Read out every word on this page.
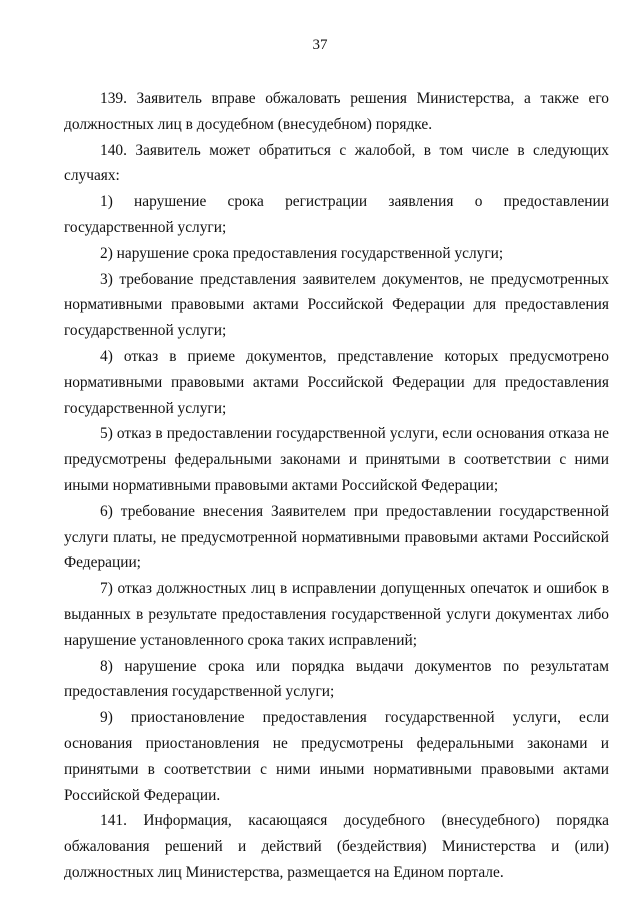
37

139. Заявитель вправе обжаловать решения Министерства, а также его должностных лиц в досудебном (внесудебном) порядке.

140. Заявитель может обратиться с жалобой, в том числе в следующих случаях:

1) нарушение срока регистрации заявления о предоставлении государственной услуги;

2) нарушение срока предоставления государственной услуги;

3) требование представления заявителем документов, не предусмотренных нормативными правовыми актами Российской Федерации для предоставления государственной услуги;

4) отказ в приеме документов, представление которых предусмотрено нормативными правовыми актами Российской Федерации для предоставления государственной услуги;

5) отказ в предоставлении государственной услуги, если основания отказа не предусмотрены федеральными законами и принятыми в соответствии с ними иными нормативными правовыми актами Российской Федерации;

6) требование внесения Заявителем при предоставлении государственной услуги платы, не предусмотренной нормативными правовыми актами Российской Федерации;

7) отказ должностных лиц в исправлении допущенных опечаток и ошибок в выданных в результате предоставления государственной услуги документах либо нарушение установленного срока таких исправлений;

8) нарушение срока или порядка выдачи документов по результатам предоставления государственной услуги;

9) приостановление предоставления государственной услуги, если основания приостановления не предусмотрены федеральными законами и принятыми в соответствии с ними иными нормативными правовыми актами Российской Федерации.

141. Информация, касающаяся досудебного (внесудебного) порядка обжалования решений и действий (бездействия) Министерства и (или) должностных лиц Министерства, размещается на Едином портале.
